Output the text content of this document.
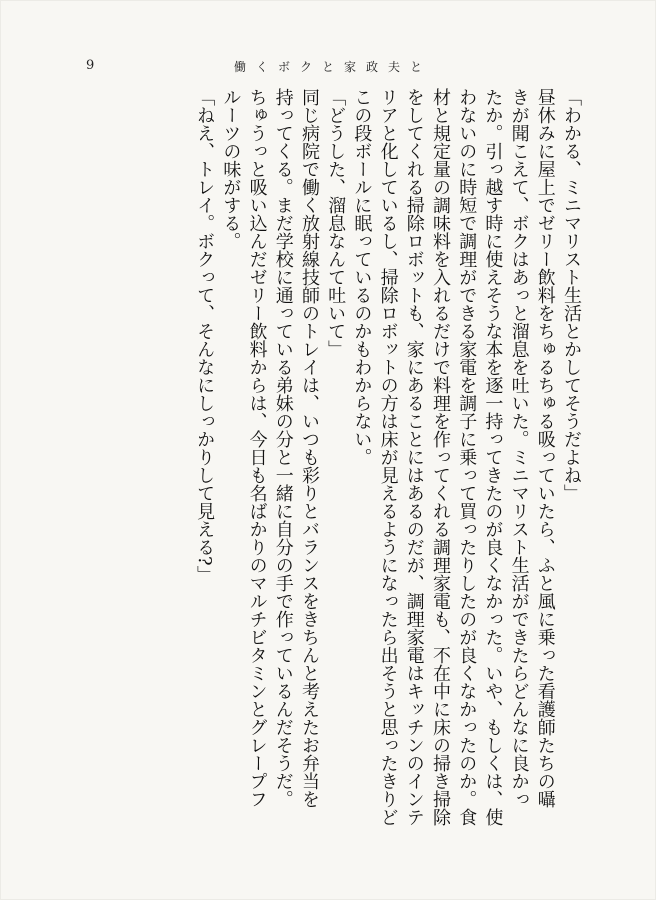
9	働くボクと家政夫と

「わかる、ミニマリスト生活とかしてそうだよね」

昼休みに屋上でゼリー飲料をちゅるちゅる吸っていたら、ふと風に乗った看護師たちの囁

きが聞こえて、ボクはあっと溜息を吐いた。ミニマリスト生活ができたらどんなに良かっ

たか。引っ越す時に使えそうな本を逐一持ってきたのが良くなかった。いや、もしくは、使

わないのに時短で調理ができる家電を調子に乗って買ったりしたのが良くなかったのか。食

材と規定量の調味料を入れるだけで料理を作ってくれる調理家電も、不在中に床の掃き掃除

をしてくれる掃除ロボットも、家にあることにはあるのだが、調理家電はキッチンのインテ

リアと化しているし、掃除ロボットの方は床が見えるようになったら出そうと思ったきりど

この段ボールに眠っているのかもわからない。

「どうした、溜息なんて吐いて」

同じ病院で働く放射線技師のトレイは、いつも彩りとバランスをきちんと考えたお弁当を

持ってくる。まだ学校に通っている弟妹の分と一緒に自分の手で作っているんだそうだ。

ちゅうっと吸い込んだゼリー飲料からは、今日も名ばかりのマルチビタミンとグレープフ

ルーツの味がする。

「ねえ、トレイ。ボクって、そんなにしっかりして見える?」
